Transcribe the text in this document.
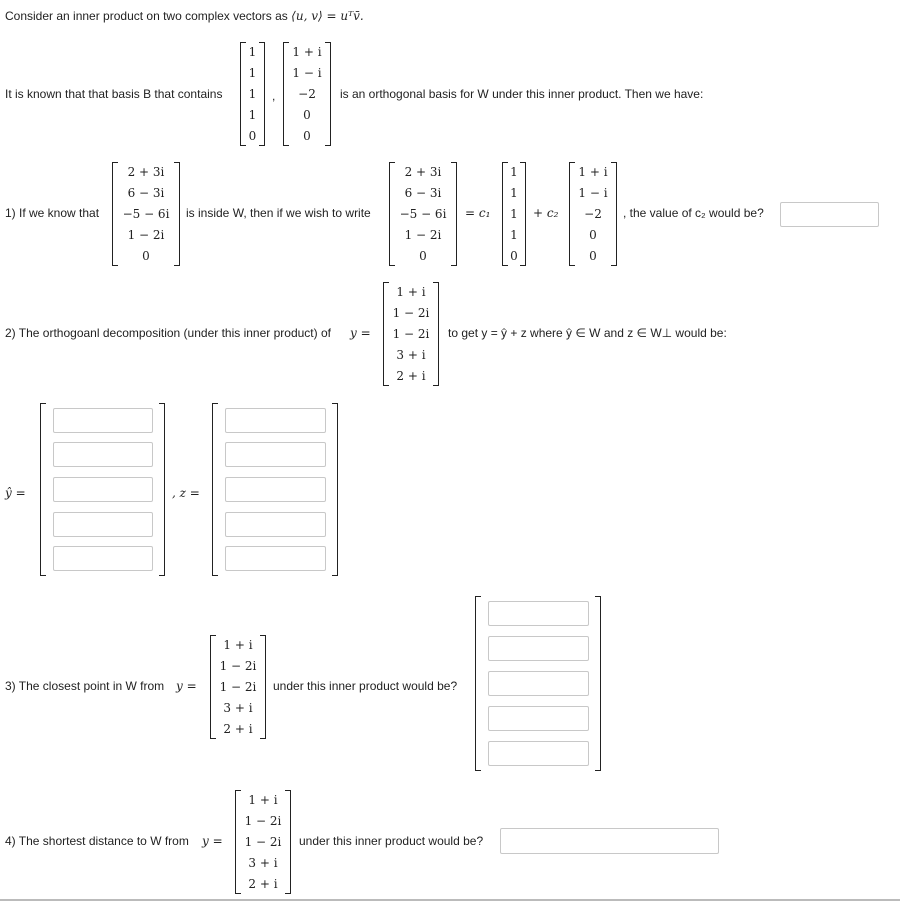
Consider an inner product on two complex vectors as ⟨u, v⟩ = uᵀv̄.
It is known that that basis B that contains
1
1
1
1
0
,
1 + i
1 − i
−2
0
0
is an orthogonal basis for W under this inner product. Then we have:
1) If we know that
2 + 3i
6 − 3i
−5 − 6i
1 − 2i
0
is inside W, then if we wish to write
2 + 3i
6 − 3i
−5 − 6i
1 − 2i
0
= c₁
1
1
1
1
0
+ c₂
1 + i
1 − i
−2
0
0
, the value of c₂ would be?
2) The orthogoanl decomposition (under this inner product) of y =
1 + i
1 − 2i
1 − 2i
3 + i
2 + i
to get y = ŷ + z where ŷ ∈ W and z ∈ W⊥ would be:
ŷ =	, z =
3) The closest point in W from y =
1 + i
1 − 2i
1 − 2i
3 + i
2 + i
under this inner product would be?
4) The shortest distance to W from y =
1 + i
1 − 2i
1 − 2i
3 + i
2 + i
under this inner product would be?
